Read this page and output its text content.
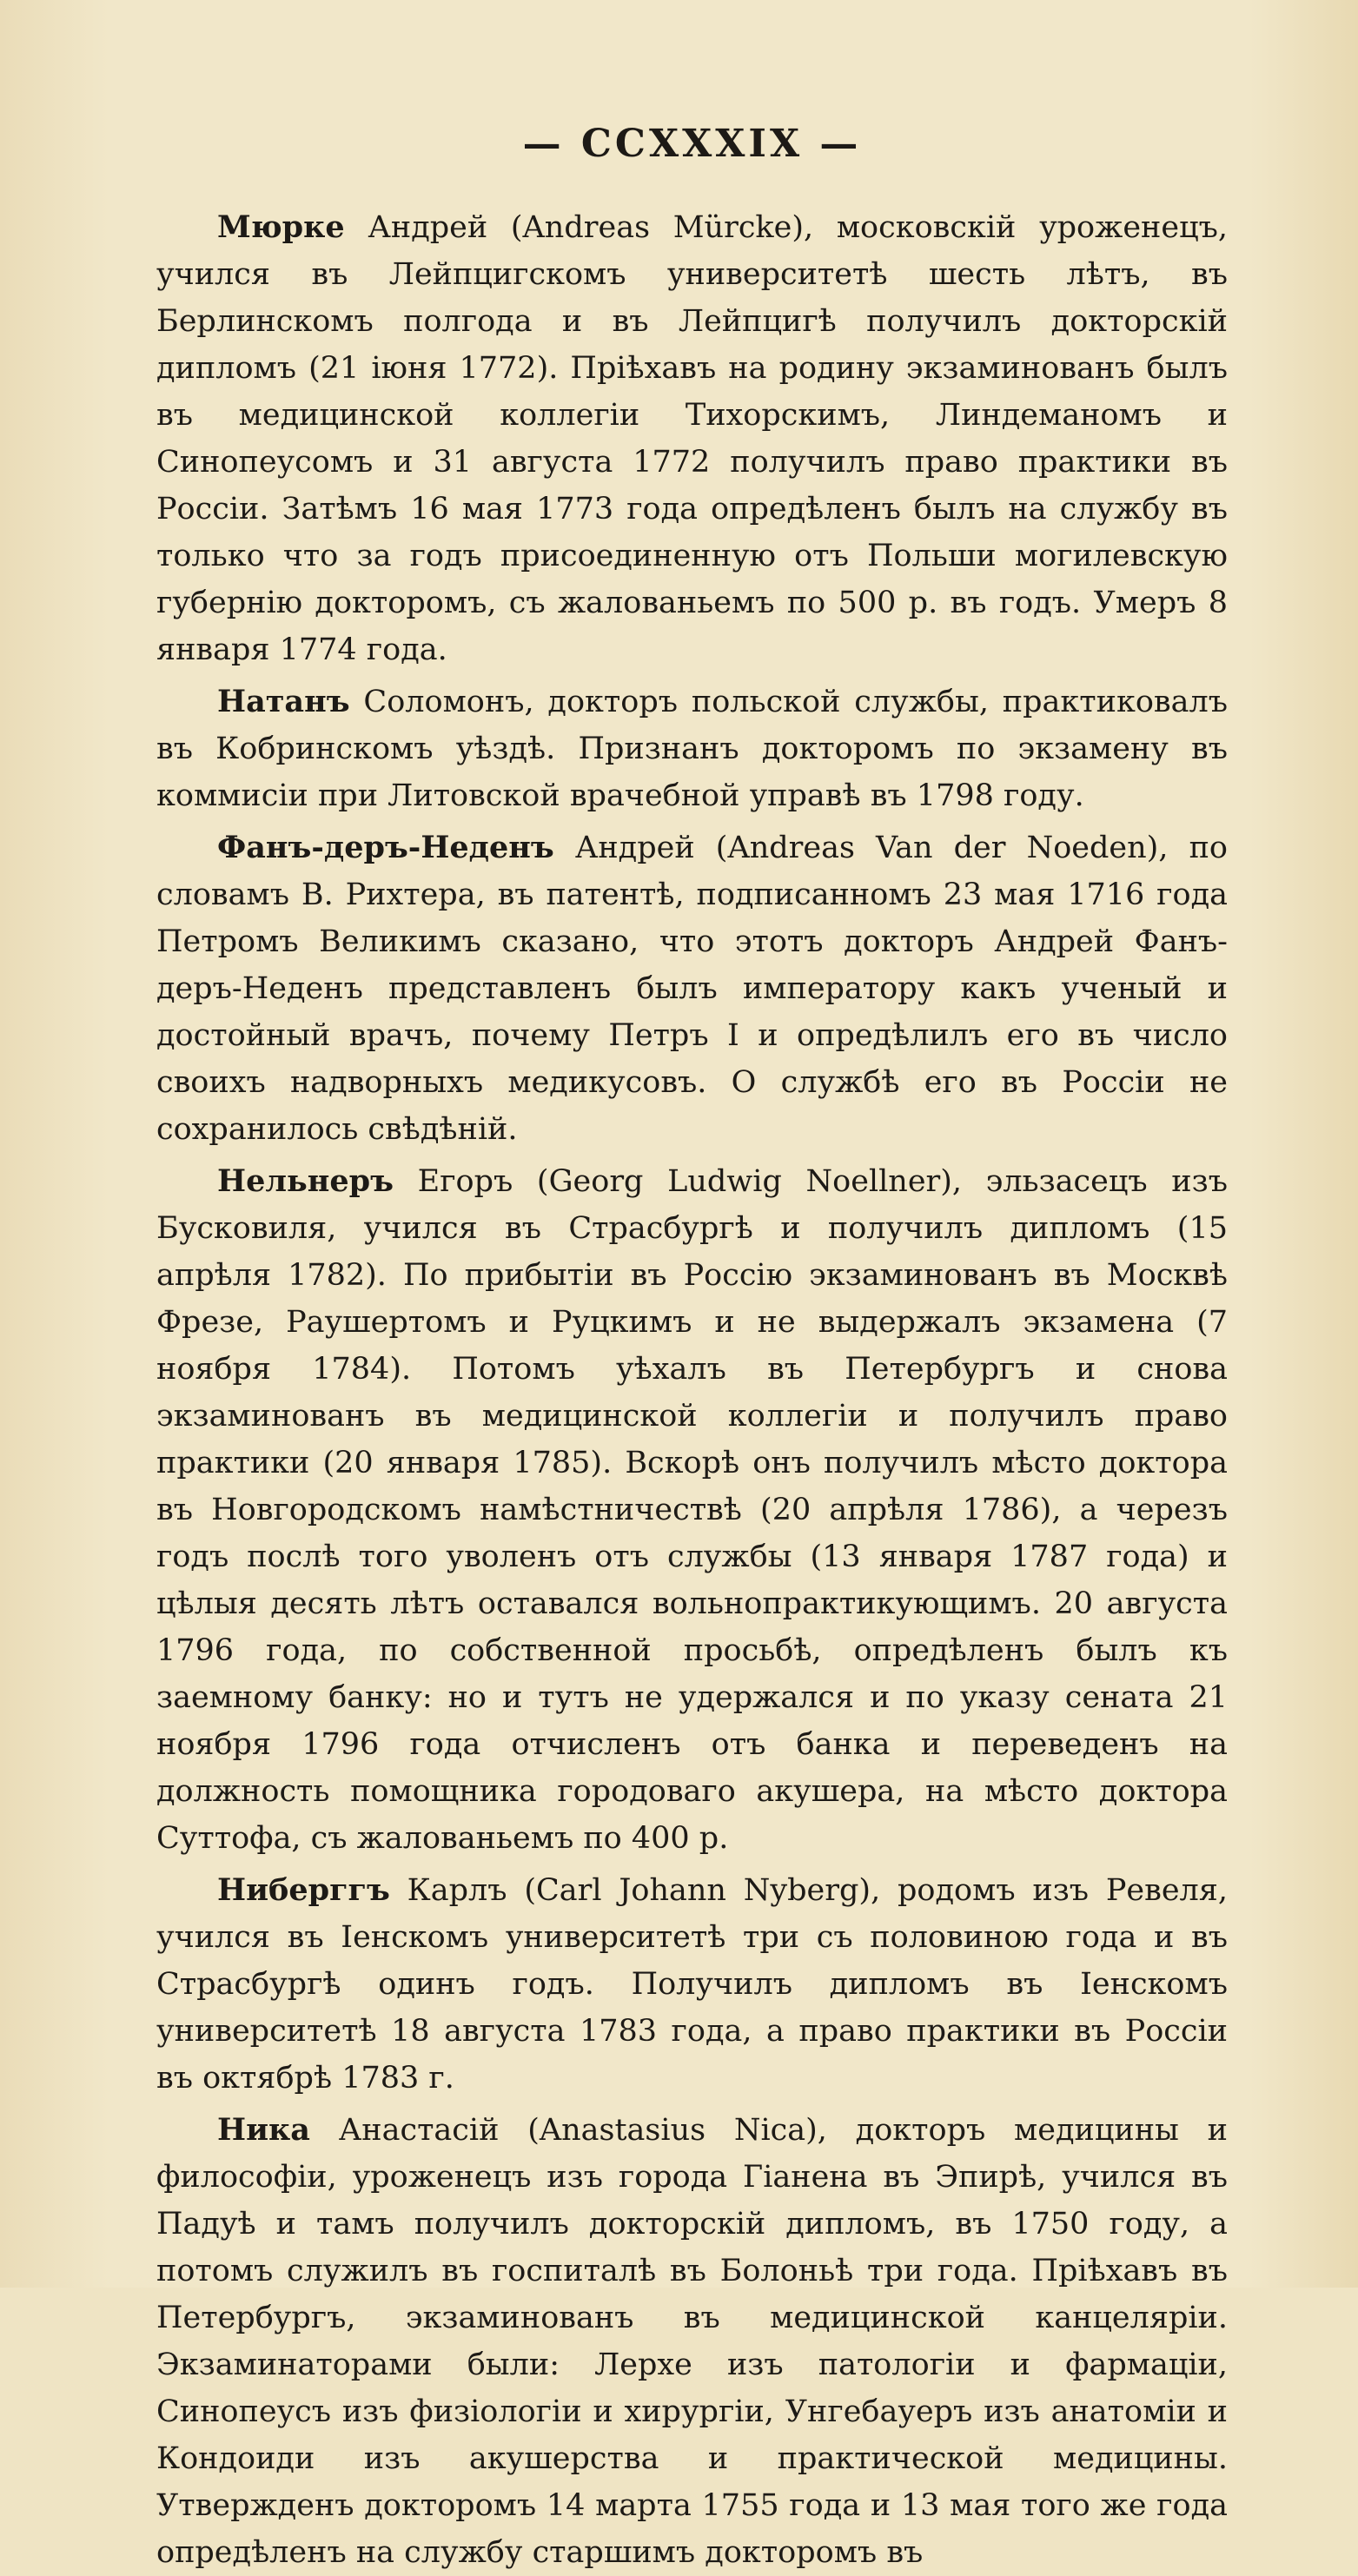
— CCXXXIX —

Мюрке Андрей (Andreas Mürcke), московскій уроженецъ, учился въ Лейпцигскомъ университетѣ шесть лѣтъ, въ Берлинскомъ полгода и въ Лейпцигѣ получилъ докторскій дипломъ (21 іюня 1772). Пріѣхавъ на родину экзаминованъ былъ въ медицинской коллегіи Тихорскимъ, Линдеманомъ и Синопеусомъ и 31 августа 1772 получилъ право практики въ Россіи. Затѣмъ 16 мая 1773 года опредѣленъ былъ на службу въ только что за годъ присоединенную отъ Польши могилевскую губернію докторомъ, съ жалованьемъ по 500 р. въ годъ. Умеръ 8 января 1774 года.

Натанъ Соломонъ, докторъ польской службы, практиковалъ въ Кобринскомъ уѣздѣ. Признанъ докторомъ по экзамену въ коммисіи при Литовской врачебной управѣ въ 1798 году.

Фанъ-деръ-Неденъ Андрей (Andreas Van der Noeden), по словамъ В. Рихтера, въ патентѣ, подписанномъ 23 мая 1716 года Петромъ Великимъ сказано, что этотъ докторъ Андрей Фанъ-деръ-Неденъ представленъ былъ императору какъ ученый и достойный врачъ, почему Петръ I и опредѣлилъ его въ число своихъ надворныхъ медикусовъ. О службѣ его въ Россіи не сохранилось свѣдѣній.

Нельнеръ Егоръ (Georg Ludwig Noellner), эльзасецъ изъ Бусковиля, учился въ Страсбургѣ и получилъ дипломъ (15 апрѣля 1782). По прибытіи въ Россію экзаминованъ въ Москвѣ Фрезе, Раушертомъ и Руцкимъ и не выдержалъ экзамена (7 ноября 1784). Потомъ уѣхалъ въ Петербургъ и снова экзаминованъ въ медицинской коллегіи и получилъ право практики (20 января 1785). Вскорѣ онъ получилъ мѣсто доктора въ Новгородскомъ намѣстничествѣ (20 апрѣля 1786), а черезъ годъ послѣ того уволенъ отъ службы (13 января 1787 года) и цѣлыя десять лѣтъ оставался вольнопрактикующимъ. 20 августа 1796 года, по собственной просьбѣ, опредѣленъ былъ къ заемному банку: но и тутъ не удержался и по указу сената 21 ноября 1796 года отчисленъ отъ банка и переведенъ на должность помощника городоваго акушера, на мѣсто доктора Суттофа, съ жалованьемъ по 400 р.

Ниберггъ Карлъ (Carl Johann Nyberg), родомъ изъ Ревеля, учился въ Іенскомъ университетѣ три съ половиною года и въ Страсбургѣ одинъ годъ. Получилъ дипломъ въ Іенскомъ университетѣ 18 августа 1783 года, а право практики въ Россіи въ октябрѣ 1783 г.

Ника Анастасій (Anastasius Nica), докторъ медицины и философіи, уроженецъ изъ города Гіанена въ Эпирѣ, учился въ Падуѣ и тамъ получилъ докторскій дипломъ, въ 1750 году, а потомъ служилъ въ госпиталѣ въ Болоньѣ три года. Пріѣхавъ въ Петербургъ, экзаминованъ въ медицинской канцеляріи. Экзаминаторами были: Лерхе изъ патологіи и фармаціи, Синопеусъ изъ физіологіи и хирургіи, Унгебауеръ изъ анатоміи и Кондоиди изъ акушерства и практической медицины. Утвержденъ докторомъ 14 марта 1755 года и 13 мая того же года опредѣленъ на службу старшимъ докторомъ въ
